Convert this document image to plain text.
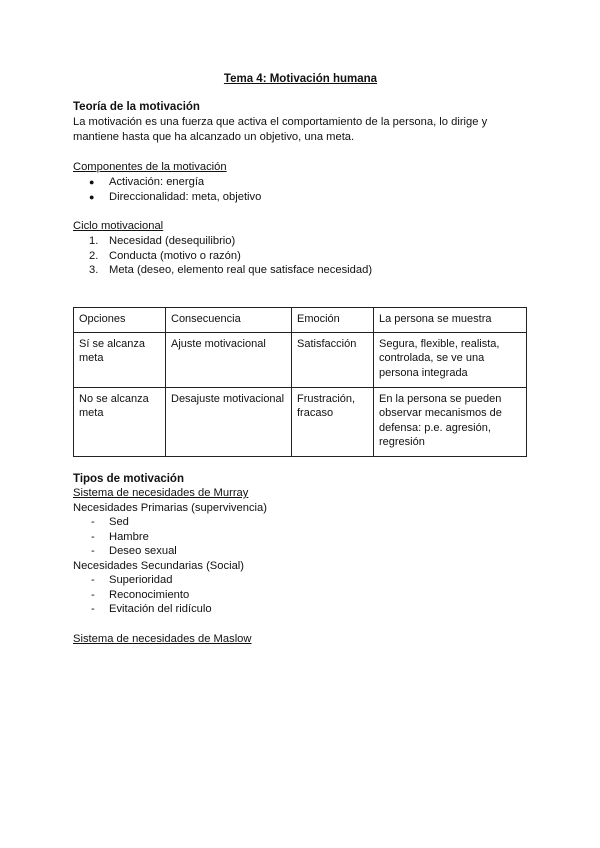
Tema 4: Motivación humana
Teoría de la motivación
La motivación es una fuerza que activa el comportamiento de la persona, lo dirige y
mantiene hasta que ha alcanzado un objetivo, una meta.
Componentes de la motivación
● Activación: energía
● Direccionalidad: meta, objetivo
Ciclo motivacional
1. Necesidad (desequilibrio)
2. Conducta (motivo o razón)
3. Meta (deseo, elemento real que satisface necesidad)
Opciones	Consecuencia	Emoción	La persona se muestra
Sí se alcanza meta	Ajuste motivacional	Satisfacción	Segura, flexible, realista, controlada, se ve una persona integrada
No se alcanza meta	Desajuste motivacional	Frustración, fracaso	En la persona se pueden observar mecanismos de defensa: p.e. agresión, regresión
Tipos de motivación
Sistema de necesidades de Murray
Necesidades Primarias (supervivencia)
- Sed
- Hambre
- Deseo sexual
Necesidades Secundarias (Social)
- Superioridad
- Reconocimiento
- Evitación del ridículo
Sistema de necesidades de Maslow
